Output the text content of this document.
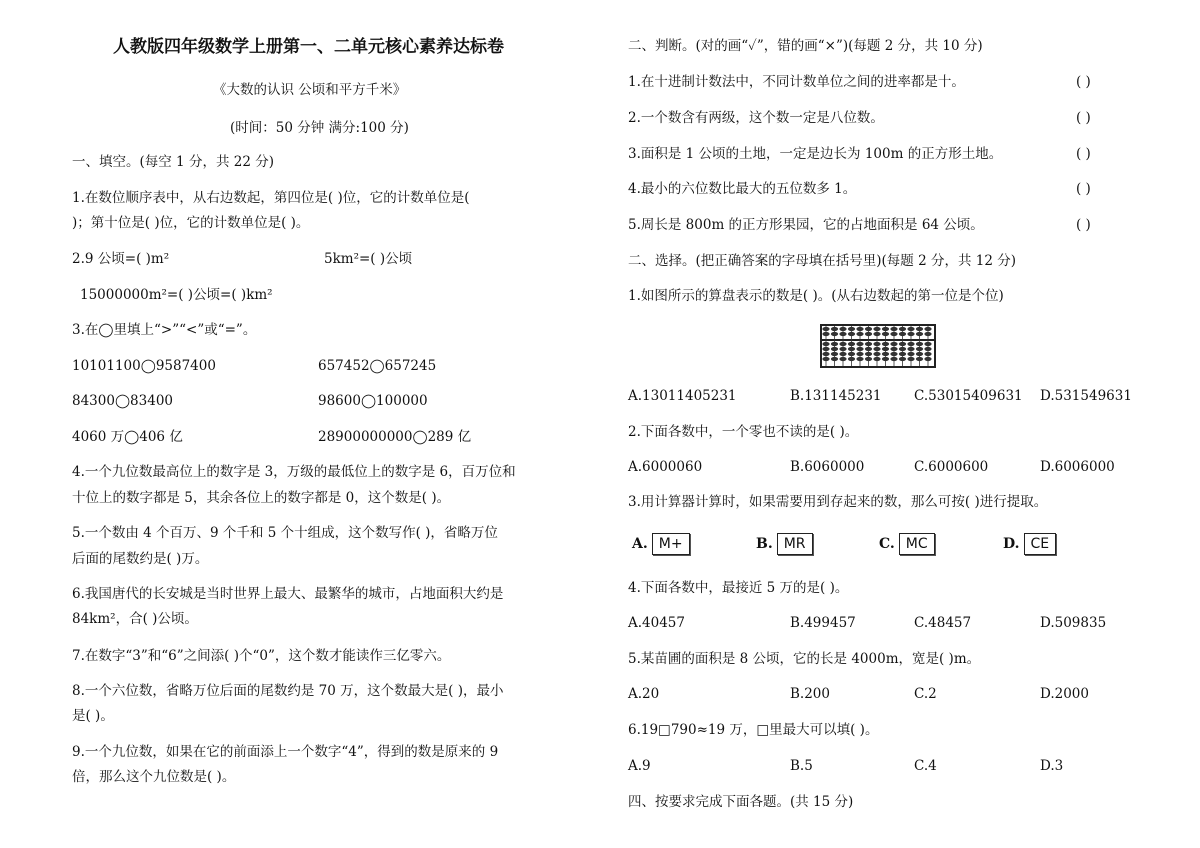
人教版四年级数学上册第一、二单元核心素养达标卷
《大数的认识 公顷和平方千米》
(时间：50 分钟 满分:100 分)
一、填空。(每空 1 分，共 22 分)
1.在数位顺序表中，从右边数起，第四位是( )位，它的计数单位是(
)；第十位是( )位，它的计数单位是( )。
2.9 公顷=( )m²	5km²=( )公顷
15000000m²=( )公顷=( )km²
3.在◯里填上“>”“<”或“=”。
10101100◯9587400	657452◯657245
84300◯83400	98600◯100000
4060 万◯406 亿	28900000000◯289 亿
4.一个九位数最高位上的数字是 3，万级的最低位上的数字是 6，百万位和
十位上的数字都是 5，其余各位上的数字都是 0，这个数是( )。
5.一个数由 4 个百万、9 个千和 5 个十组成，这个数写作( )，省略万位
后面的尾数约是( )万。
6.我国唐代的长安城是当时世界上最大、最繁华的城市，占地面积大约是
84km²，合( )公顷。
7.在数字“3”和“6”之间添( )个“0”，这个数才能读作三亿零六。
8.一个六位数，省略万位后面的尾数约是 70 万，这个数最大是( )，最小
是( )。
9.一个九位数，如果在它的前面添上一个数字“4”，得到的数是原来的 9
倍，那么这个九位数是( )。
二、判断。(对的画“✓”，错的画“×”)(每题 2 分，共 10 分)
1.在十进制计数法中，不同计数单位之间的进率都是十。	( )
2.一个数含有两级，这个数一定是八位数。	( )
3.面积是 1 公顷的土地，一定是边长为 100m 的正方形土地。	( )
4.最小的六位数比最大的五位数多 1。	( )
5.周长是 800m 的正方形果园，它的占地面积是 64 公顷。	( )
二、选择。(把正确答案的字母填在括号里)(每题 2 分，共 12 分)
1.如图所示的算盘表示的数是( )。(从右边数起的第一位是个位)
A.13011405231	B.131145231 C.53015409631 D.531549631
2.下面各数中，一个零也不读的是( )。
A.6000060	B.6060000	C.6000600	D.6006000
3.用计算器计算时，如果需要用到存起来的数，那么可按( )进行提取。
A. M+	B. MR	C. MC	D. CE
4.下面各数中，最接近 5 万的是( )。
A.40457	B.499457	C.48457	D.509835
5.某苗圃的面积是 8 公顷，它的长是 4000m，宽是( )m。
A.20	B.200	C.2	D.2000
6.19□790≈19 万，□里最大可以填( )。
A.9	B.5	C.4	D.3
四、按要求完成下面各题。(共 15 分)
